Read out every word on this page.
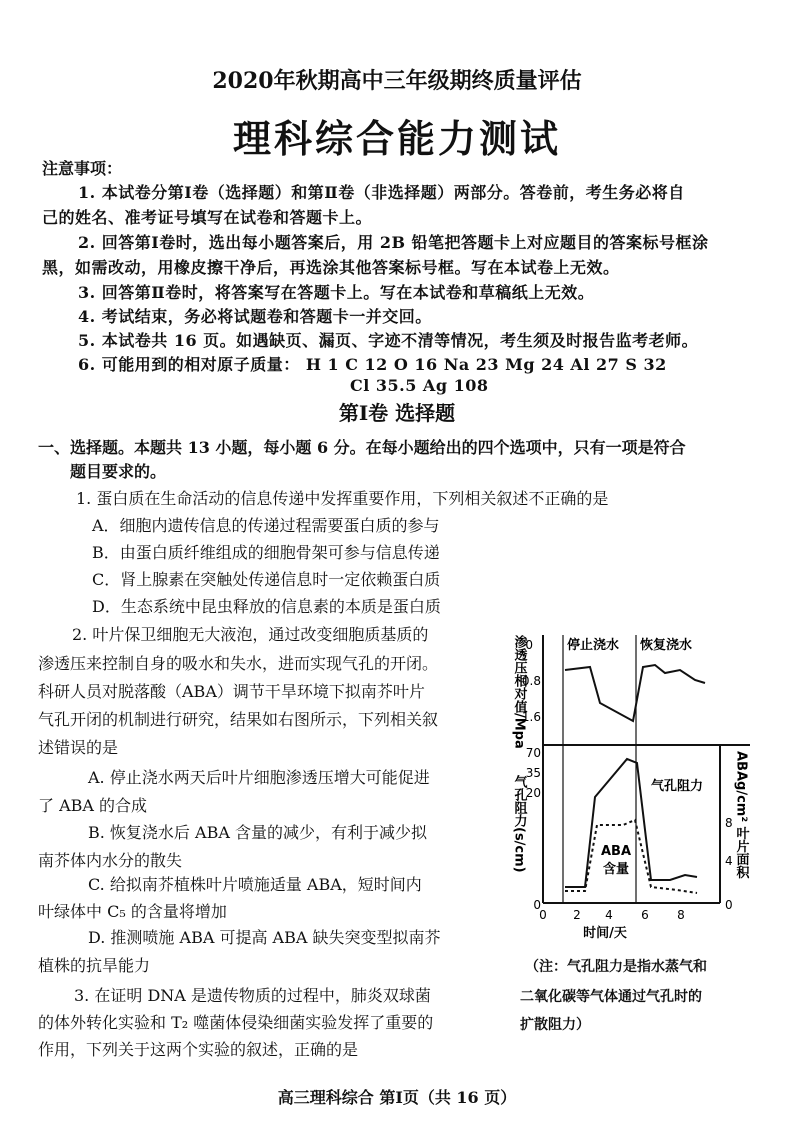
2020年秋期高中三年级期终质量评估
理科综合能力测试
注意事项：
1. 本试卷分第Ⅰ卷（选择题）和第Ⅱ卷（非选择题）两部分。答卷前，考生务必将自
己的姓名、准考证号填写在试卷和答题卡上。
2. 回答第Ⅰ卷时，选出每小题答案后，用 2B 铅笔把答题卡上对应题目的答案标号框涂
黑，如需改动，用橡皮擦干净后，再选涂其他答案标号框。写在本试卷上无效。
3. 回答第Ⅱ卷时，将答案写在答题卡上。写在本试卷和草稿纸上无效。
4. 考试结束，务必将试题卷和答题卡一并交回。
5. 本试卷共 16 页。如遇缺页、漏页、字迹不清等情况，考生须及时报告监考老师。
6. 可能用到的相对原子质量： H 1 C 12 O 16 Na 23 Mg 24 Al 27 S 32
Cl 35.5 Ag 108
第Ⅰ卷 选择题
一、选择题。本题共 13 小题，每小题 6 分。在每小题给出的四个选项中，只有一项是符合
题目要求的。
1. 蛋白质在生命活动的信息传递中发挥重要作用，下列相关叙述不正确的是
A．细胞内遗传信息的传递过程需要蛋白质的参与
B．由蛋白质纤维组成的细胞骨架可参与信息传递
C．肾上腺素在突触处传递信息时一定依赖蛋白质
D．生态系统中昆虫释放的信息素的本质是蛋白质
2. 叶片保卫细胞无大液泡，通过改变细胞质基质的
渗透压来控制自身的吸水和失水，进而实现气孔的开闭。
科研人员对脱落酸（ABA）调节干旱环境下拟南芥叶片
气孔开闭的机制进行研究，结果如右图所示，下列相关叙
述错误的是
A. 停止浇水两天后叶片细胞渗透压增大可能促进
了 ABA 的合成
B. 恢复浇水后 ABA 含量的减少，有利于减少拟
南芥体内水分的散失
C. 给拟南芥植株叶片喷施适量 ABA，短时间内
叶绿体中 C₅ 的含量将增加
D. 推测喷施 ABA 可提高 ABA 缺失突变型拟南芥
植株的抗旱能力
3. 在证明 DNA 是遗传物质的过程中，肺炎双球菌
的体外转化实验和 T₂ 噬菌体侵染细菌实验发挥了重要的
作用，下列关于这两个实验的叙述，正确的是
停止浇水 恢复浇水
渗透压相对值/Mpa
0
0.8
1.6
70
35
20
0
气孔阻力(s/cm)	8
4
0
ABAg/cm² 叶片面积
气孔阻力
ABA
含量
0 2 4 6 8
时间/天
（注：气孔阻力是指水蒸气和
二氧化碳等气体通过气孔时的
扩散阻力）
高三理科综合 第Ⅰ页（共 16 页）
